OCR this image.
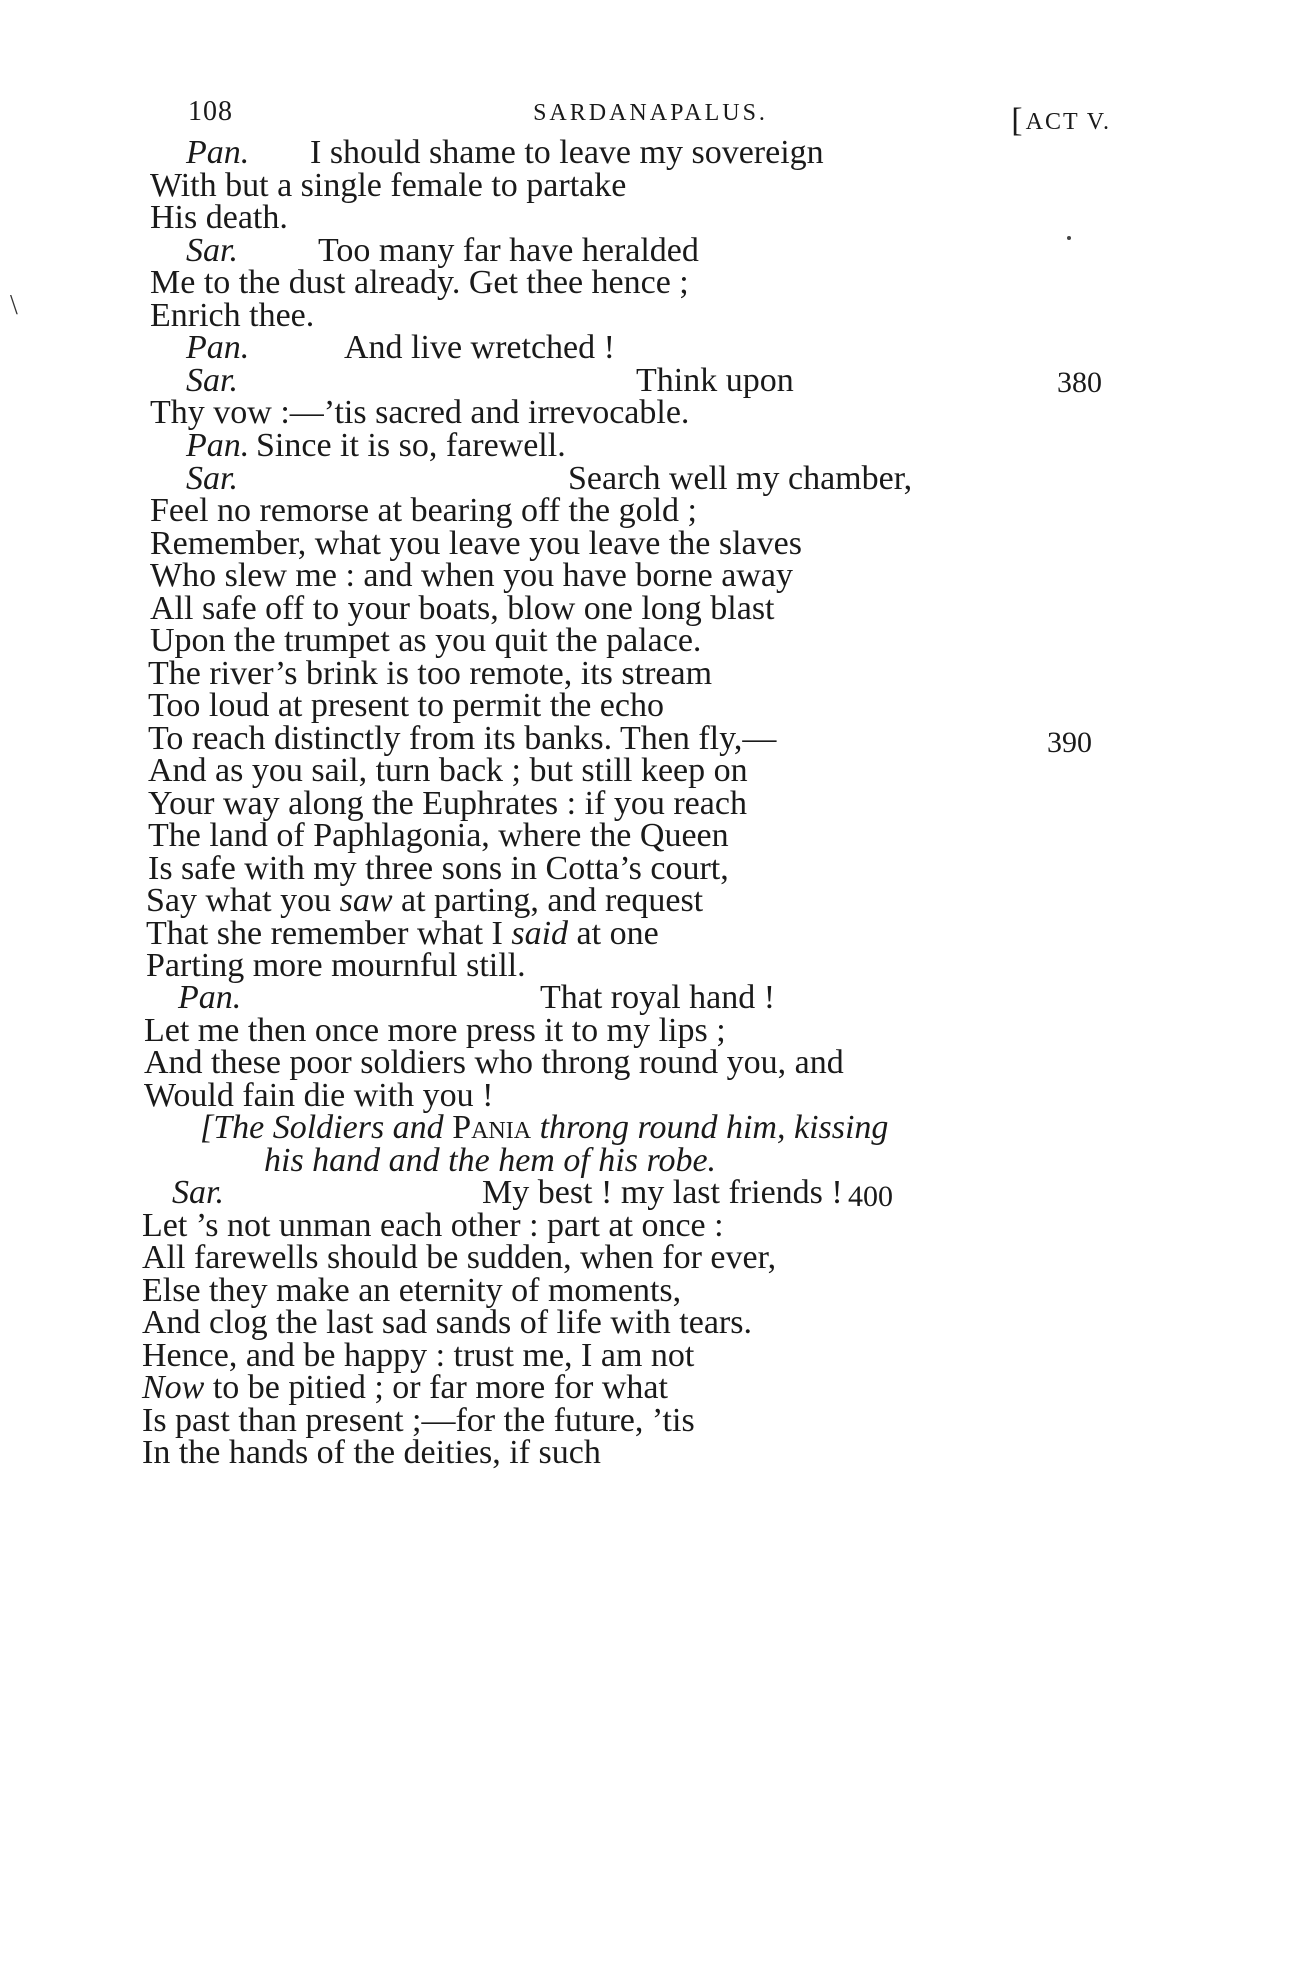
108	SARDANAPALUS.	[ACT V.
\
Pan. I should shame to leave my sovereign
With but a single female to partake
His death.
Sar. Too many far have heralded
Me to the dust already. Get thee hence ;
Enrich thee.
Pan.	And live wretched !
Sar.	Think upon	380
Thy vow :—’tis sacred and irrevocable.
Pan. Since it is so, farewell.
Sar.	Search well my chamber,
Feel no remorse at bearing off the gold ;
Remember, what you leave you leave the slaves
Who slew me : and when you have borne away
All safe off to your boats, blow one long blast
Upon the trumpet as you quit the palace.
The river’s brink is too remote, its stream
Too loud at present to permit the echo
To reach distinctly from its banks. Then fly,—	390
And as you sail, turn back ; but still keep on
Your way along the Euphrates : if you reach
The land of Paphlagonia, where the Queen
Is safe with my three sons in Cotta’s court,
Say what you saw at parting, and request
That she remember what I said at one
Parting more mournful still.
Pan.	That royal hand !
Let me then once more press it to my lips ;
And these poor soldiers who throng round you, and
Would fain die with you !
[The Soldiers and Pania throng round him, kissing
his hand and the hem of his robe.
Sar.	My best ! my last friends ! 400
Let ’s not unman each other : part at once :
All farewells should be sudden, when for ever,
Else they make an eternity of moments,
And clog the last sad sands of life with tears.
Hence, and be happy : trust me, I am not
Now to be pitied ; or far more for what
Is past than present ;—for the future, ’tis
In the hands of the deities, if such
